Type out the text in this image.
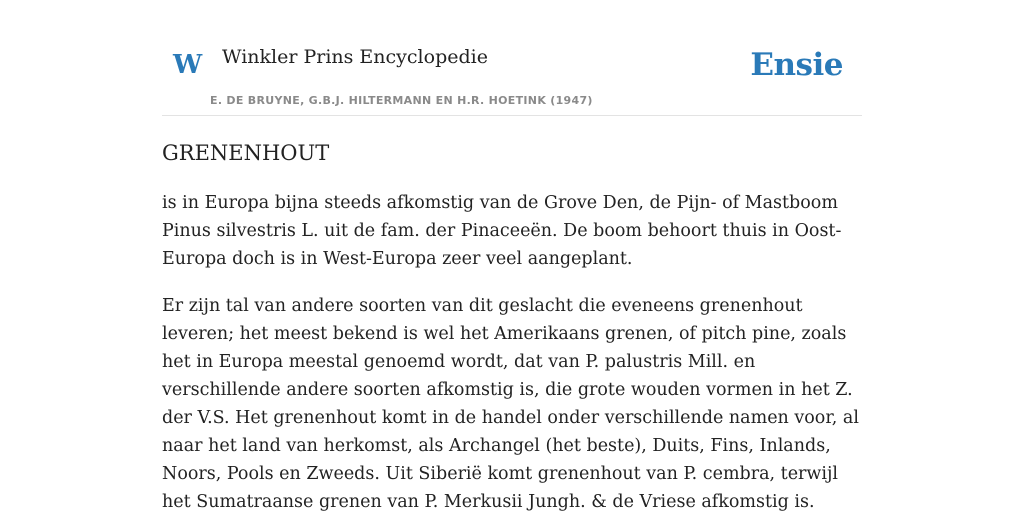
W Winkler Prins Encyclopedie
E. DE BRUYNE, G.B.J. HILTERMANN EN H.R. HOETINK (1947)
Ensie
GRENENHOUT

is in Europa bijna steeds afkomstig van de Grove Den, de Pijn- of Mastboom Pinus silvestris L. uit de fam. der Pinaceeën. De boom behoort thuis in Oost-Europa doch is in West-Europa zeer veel aangeplant.

Er zijn tal van andere soorten van dit geslacht die eveneens grenenhout leveren; het meest bekend is wel het Amerikaans grenen, of pitch pine, zoals het in Europa meestal genoemd wordt, dat van P. palustris Mill. en verschillende andere soorten afkomstig is, die grote wouden vormen in het Z. der V.S. Het grenenhout komt in de handel onder verschillende namen voor, al naar het land van herkomst, als Archangel (het beste), Duits, Fins, Inlands, Noors, Pools en Zweeds. Uit Siberië komt grenenhout van P. cembra, terwijl het Sumatraanse grenen van P. Merkusii Jungh. & de Vriese afkomstig is.
